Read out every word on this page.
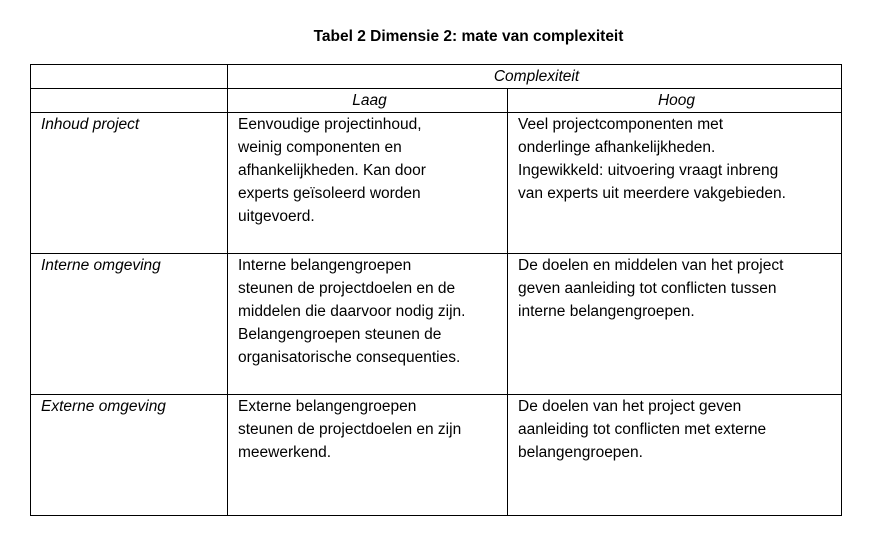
Tabel 2 Dimensie 2: mate van complexiteit
	Complexiteit	
	Laag	Hoog
Inhoud project	Eenvoudige projectinhoud,
weinig componenten en
afhankelijkheden. Kan door
experts geïsoleerd worden
uitgevoerd.	Veel projectcomponenten met
onderlinge afhankelijkheden.
Ingewikkeld: uitvoering vraagt inbreng
van experts uit meerdere vakgebieden.

Interne omgeving	Interne belangengroepen
steunen de projectdoelen en de
middelen die daarvoor nodig zijn.
Belangengroepen steunen de
organisatorische consequenties.	De doelen en middelen van het project
geven aanleiding tot conflicten tussen
interne belangengroepen.

Externe omgeving	Externe belangengroepen
steunen de projectdoelen en zijn
meewerkend.	De doelen van het project geven
aanleiding tot conflicten met externe
belangengroepen.
